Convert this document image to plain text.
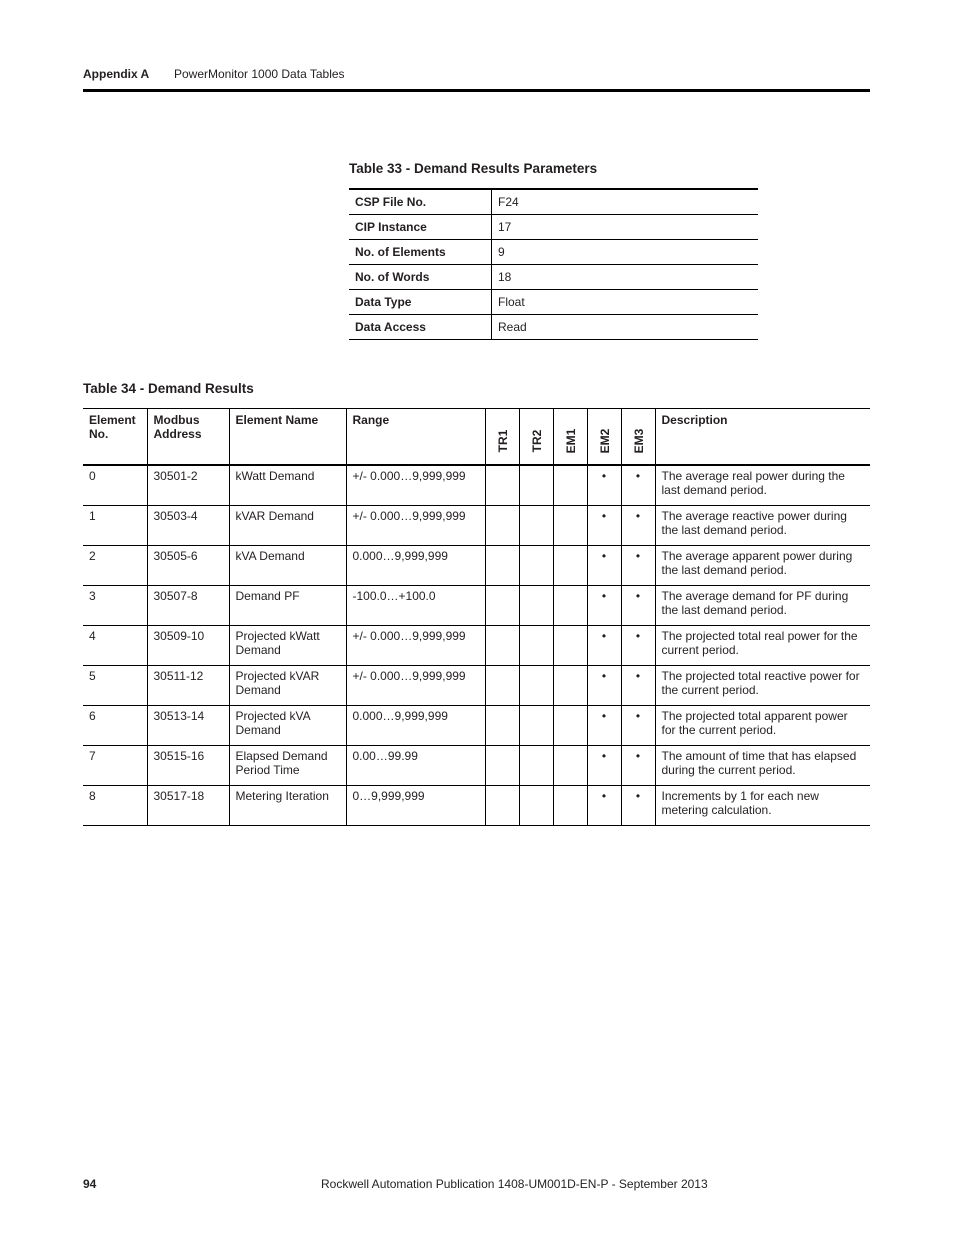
Appendix A PowerMonitor 1000 Data Tables
Table 33 - Demand Results Parameters
CSP File No.	F24
CIP Instance	17
No. of Elements	9
No. of Words	18
Data Type	Float
Data Access	Read
Table 34 - Demand Results
Element No.	Modbus Address	Element Name	Range	TR1	TR2	EM1	EM2	EM3	Description
0	30501-2	kWatt Demand	+/- 0.000…9,999,999				•	•	The average real power during the last demand period.
1	30503-4	kVAR Demand	+/- 0.000…9,999,999				•	•	The average reactive power during the last demand period.
2	30505-6	kVA Demand	0.000…9,999,999				•	•	The average apparent power during the last demand period.
3	30507-8	Demand PF	-100.0…+100.0				•	•	The average demand for PF during the last demand period.
4	30509-10	Projected kWatt Demand	+/- 0.000…9,999,999				•	•	The projected total real power for the current period.
5	30511-12	Projected kVAR Demand	+/- 0.000…9,999,999				•	•	The projected total reactive power for the current period.
6	30513-14	Projected kVA Demand	0.000…9,999,999				•	•	The projected total apparent power for the current period.
7	30515-16	Elapsed Demand Period Time	0.00…99.99				•	•	The amount of time that has elapsed during the current period.
8	30517-18	Metering Iteration	0…9,999,999				•	•	Increments by 1 for each new metering calculation.
94	Rockwell Automation Publication 1408-UM001D-EN-P - September 2013
